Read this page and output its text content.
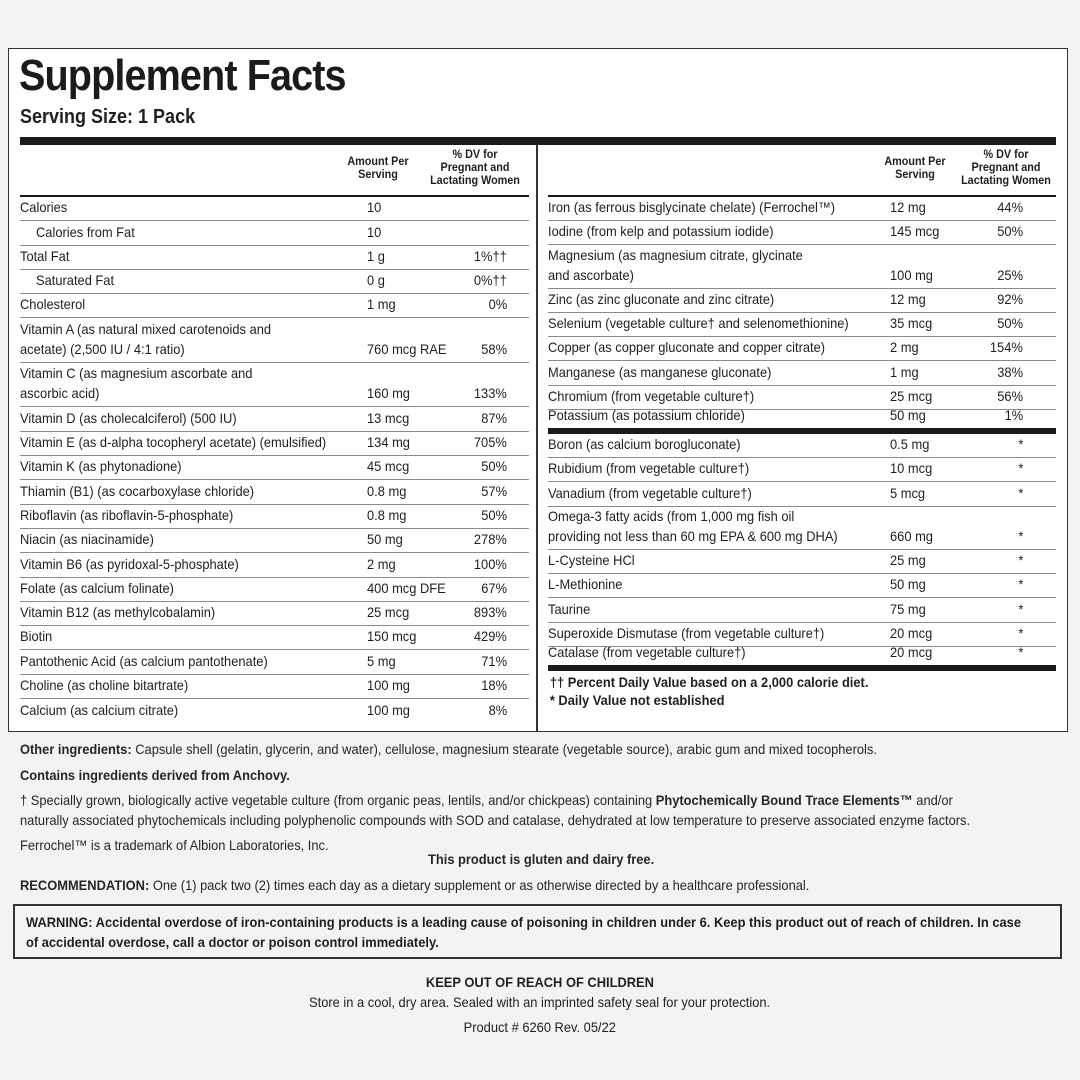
Supplement Facts
Serving Size: 1 Pack
Amount Per
Serving
% DV for
Pregnant and
Lactating Women
Calories	10
Calories from Fat	10
Total Fat	1 g	1%††
Saturated Fat	0 g	0%††
Cholesterol	1 mg	0%
Vitamin A (as natural mixed carotenoids and
acetate) (2,500 IU / 4:1 ratio)	760 mcg RAE 58%
Vitamin C (as magnesium ascorbate and
ascorbic acid)	160 mg	133%
Vitamin D (as cholecalciferol) (500 IU)	13 mcg	87%
Vitamin E (as d-alpha tocopheryl acetate) (emulsified)	134 mg	705%
Vitamin K (as phytonadione)	45 mcg	50%
Thiamin (B1) (as cocarboxylase chloride)	0.8 mg	57%
Riboflavin (as riboflavin-5-phosphate)	0.8 mg	50%
Niacin (as niacinamide)	50 mg	278%
Vitamin B6 (as pyridoxal-5-phosphate)	2 mg	100%
Folate (as calcium folinate)	400 mcg DFE	67%
Vitamin B12 (as methylcobalamin)	25 mcg	893%
Biotin	150 mcg	429%
Pantothenic Acid (as calcium pantothenate)	5 mg	71%
Choline (as choline bitartrate)	100 mg	18%
Calcium (as calcium citrate)	100 mg	8%
Amount Per
Serving
% DV for
Pregnant and
Lactating Women
Iron (as ferrous bisglycinate chelate) (Ferrochel™)	12 mg	44%
Iodine (from kelp and potassium iodide)	145 mcg	50%
Magnesium (as magnesium citrate, glycinate
and ascorbate)	100 mg	25%
Zinc (as zinc gluconate and zinc citrate)	12 mg	92%
Selenium (vegetable culture† and selenomethionine)	35 mcg	50%
Copper (as copper gluconate and copper citrate)	2 mg	154%
Manganese (as manganese gluconate)	1 mg	38%
Chromium (from vegetable culture†)	25 mcg	56%
Potassium (as potassium chloride)	50 mg	1%
Boron (as calcium borogluconate)	0.5 mg	*
Rubidium (from vegetable culture†)	10 mcg	*
Vanadium (from vegetable culture†)	5 mcg	*
Omega-3 fatty acids (from 1,000 mg fish oil
providing not less than 60 mg EPA & 600 mg DHA)	660 mg	*
L-Cysteine HCl	25 mg	*
L-Methionine	50 mg	*
Taurine	75 mg	*
Superoxide Dismutase (from vegetable culture†)	20 mcg	*
Catalase (from vegetable culture†)	20 mcg	*
†† Percent Daily Value based on a 2,000 calorie diet.
* Daily Value not established
Other ingredients: Capsule shell (gelatin, glycerin, and water), cellulose, magnesium stearate (vegetable source), arabic gum and mixed tocopherols.
Contains ingredients derived from Anchovy.
† Specially grown, biologically active vegetable culture (from organic peas, lentils, and/or chickpeas) containing Phytochemically Bound Trace Elements™ and/or
naturally associated phytochemicals including polyphenolic compounds with SOD and catalase, dehydrated at low temperature to preserve associated enzyme factors.
Ferrochel™ is a trademark of Albion Laboratories, Inc.
This product is gluten and dairy free.
RECOMMENDATION: One (1) pack two (2) times each day as a dietary supplement or as otherwise directed by a healthcare professional.
WARNING: Accidental overdose of iron-containing products is a leading cause of poisoning in children under 6. Keep this product out of reach of children. In case of accidental overdose, call a doctor or poison control immediately.
KEEP OUT OF REACH OF CHILDREN
Store in a cool, dry area. Sealed with an imprinted safety seal for your protection.
Product # 6260 Rev. 05/22
